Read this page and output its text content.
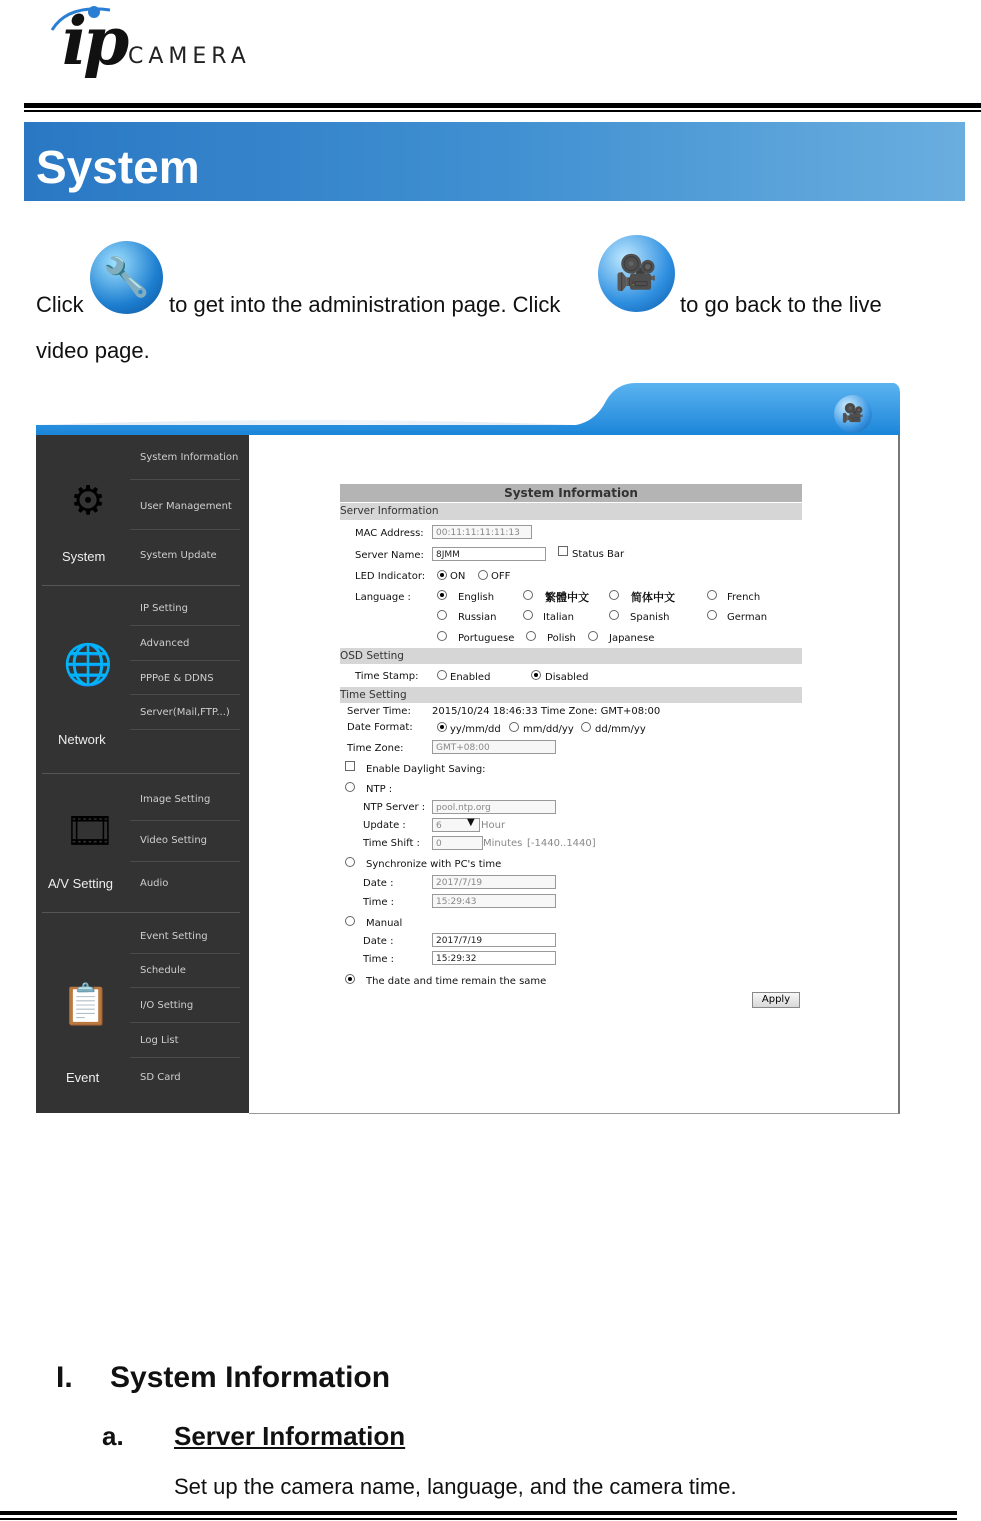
ip CAMERA
System
Click
🔧
to get into the administration page. Click
🎥
to go back to the live
video page.
🎥
System Information
User Management
System Update
⚙
System
IP Setting
Advanced
PPPoE & DDNS
Server(Mail,FTP...)
🌐
Network
Image Setting
Video Setting
Audio
🎞
A/V Setting
Event Setting
Schedule
I/O Setting
Log List
SD Card
📋
Event
System Information
Server Information
MAC Address:	00:11:11:11:11:13
Server Name:	8JMM	Status Bar
LED Indicator: ON	OFF
Language :	English	繁體中文	简体中文	French
Russian	Italian	Spanish	German
Portuguese	Polish	Japanese
OSD Setting
Time Stamp:	Enabled	Disabled
Time Setting
Server Time: 2015/10/24 18:46:33 Time Zone: GMT+08:00
Date Format:	yy/mm/dd mm/dd/yy dd/mm/yy
Time Zone:	GMT+08:00
Enable Daylight Saving:
NTP :
NTP Server :	pool.ntp.org
Update :	6	▼ Hour
Time Shift :	0	Minutes [-1440..1440]
Synchronize with PC's time
Date :	2017/7/19
Time :	15:29:43
Manual
Date :	2017/7/19
Time :	15:29:32
The date and time remain the same
Apply
I. System Information
a. Server Information
Set up the camera name, language, and the camera time.
